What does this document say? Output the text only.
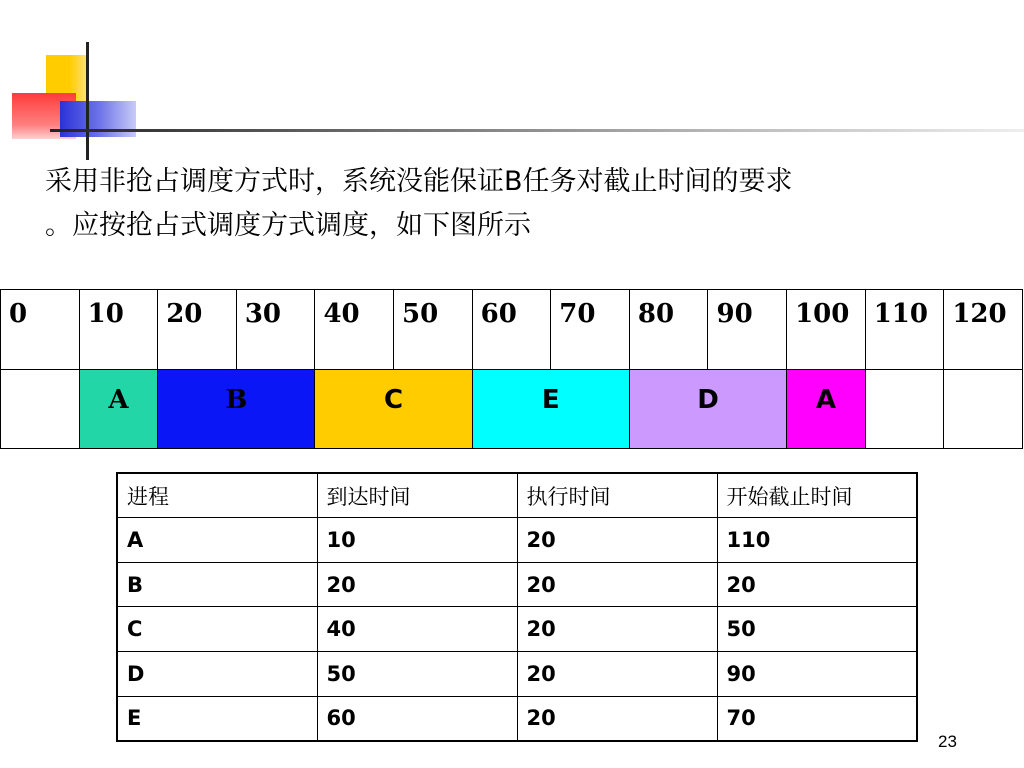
采用非抢占调度方式时，系统没能保证B任务对截止时间的要求

。应按抢占式调度方式调度，如下图所示

0	10	20	30	40	50	60	70	80	90	100	110	120
	A	B		C		E		D		A		
进程	到达时间	执行时间	开始截止时间
A	10	20	110
B	20	20	20
C	40	20	50
D	50	20	90
E	60	20	70
23
